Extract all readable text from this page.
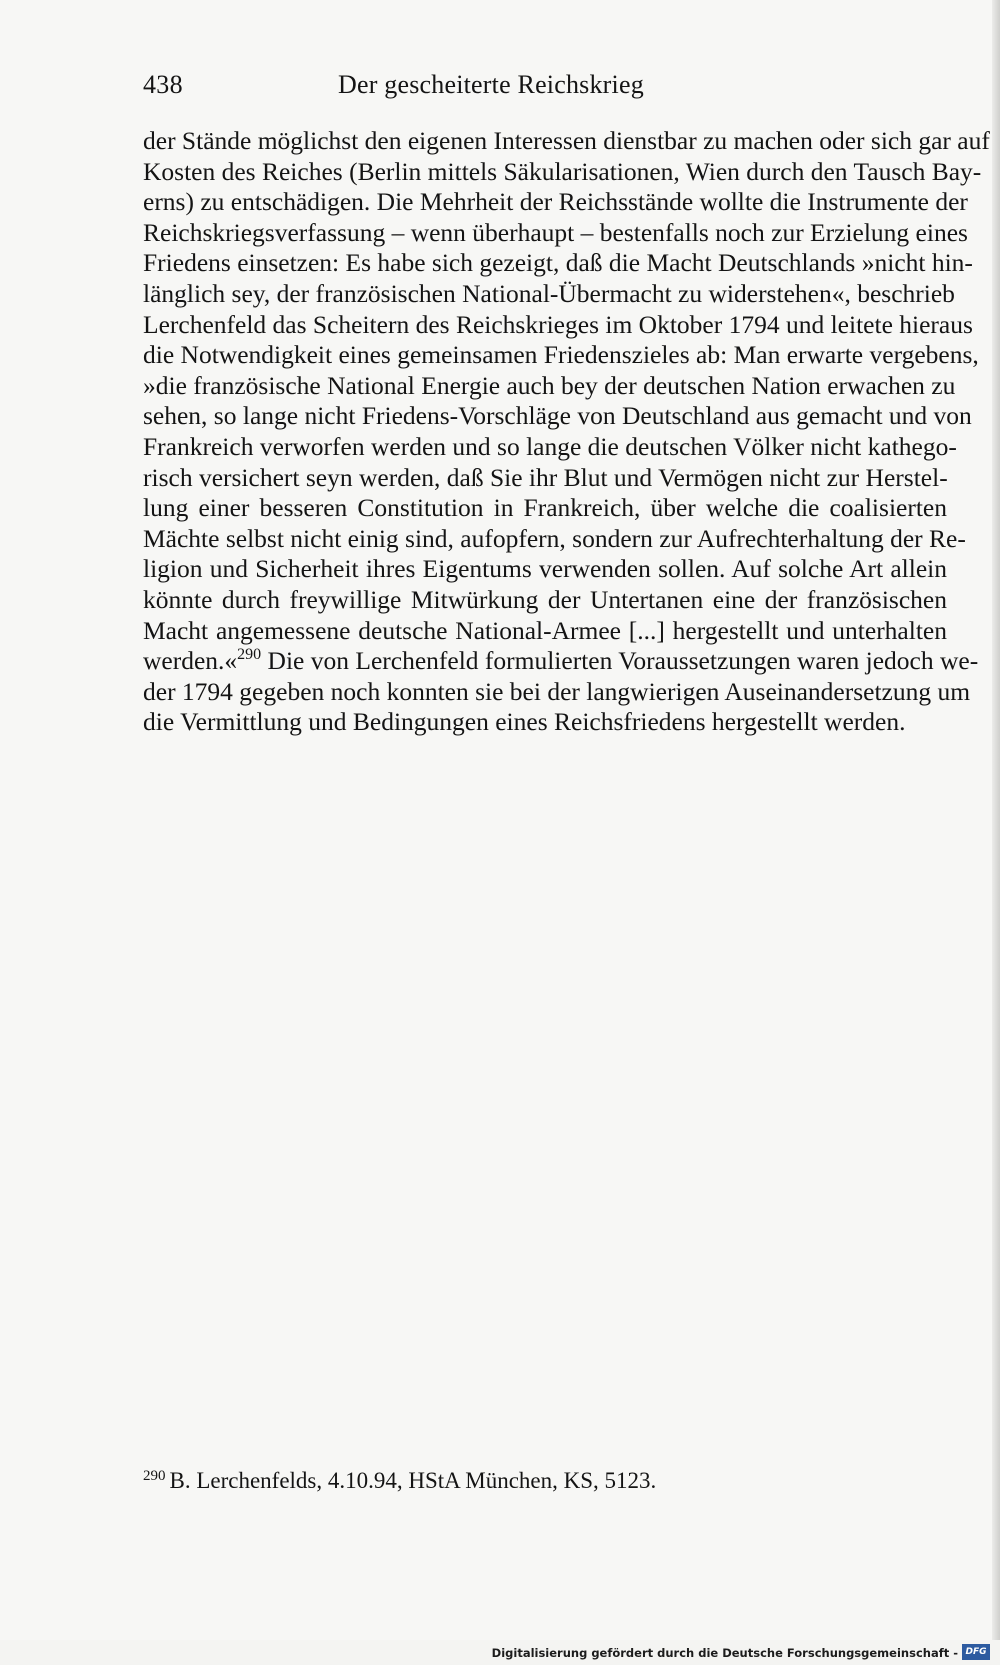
438	Der gescheiterte Reichskrieg
der Stände möglichst den eigenen Interessen dienstbar zu machen oder sich gar auf
Kosten des Reiches (Berlin mittels Säkularisationen, Wien durch den Tausch Bay-
erns) zu entschädigen. Die Mehrheit der Reichsstände wollte die Instrumente der
Reichskriegsverfassung – wenn überhaupt – bestenfalls noch zur Erzielung eines
Friedens einsetzen: Es habe sich gezeigt, daß die Macht Deutschlands »nicht hin-
länglich sey, der französischen National-Übermacht zu widerstehen«, beschrieb
Lerchenfeld das Scheitern des Reichskrieges im Oktober 1794 und leitete hieraus
die Notwendigkeit eines gemeinsamen Friedenszieles ab: Man erwarte vergebens,
»die französische National Energie auch bey der deutschen Nation erwachen zu
sehen, so lange nicht Friedens-Vorschläge von Deutschland aus gemacht und von
Frankreich verworfen werden und so lange die deutschen Völker nicht kathego-
risch versichert seyn werden, daß Sie ihr Blut und Vermögen nicht zur Herstel-
lung einer besseren Constitution in Frankreich, über welche die coalisierten
Mächte selbst nicht einig sind, aufopfern, sondern zur Aufrechterhaltung der Re-
ligion und Sicherheit ihres Eigentums verwenden sollen. Auf solche Art allein
könnte durch freywillige Mitwürkung der Untertanen eine der französischen
Macht angemessene deutsche National-Armee [...] hergestellt und unterhalten
werden.«$^{290}$ Die von Lerchenfeld formulierten Voraussetzungen waren jedoch we-
der 1794 gegeben noch konnten sie bei der langwierigen Auseinandersetzung um
die Vermittlung und Bedingungen eines Reichsfriedens hergestellt werden.
$^{290}$ B. Lerchenfelds, 4.10.94, HStA München, KS, 5123.
Digitalisierung gefördert durch die Deutsche Forschungsgemeinschaft - DFG
